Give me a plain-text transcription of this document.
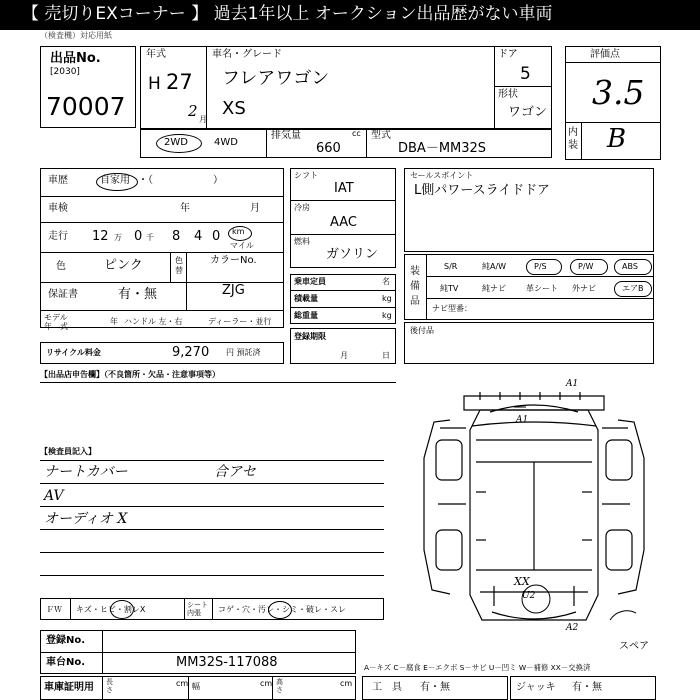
【 売切りEXコーナー 】 過去1年以上 オークション出品歴がない車両
（検査機）対応用紙
出品No.
[2030]
70007
年式
H 27
2 月
車名・グレード
フレアワゴン
XS
ドア
5
形状
ワゴン
評価点
3.5
内
装 B
2WD	4WD
排気量	cc
660
型式
DBA－MM32S
車歴	自家用 ・（　　　　　　）
車検	年	月
走行 12 万 0 千 8 4 0 km
マイル
色	ピンク	色
替
カラーNo.
ZJG
保証書	有・無
モデル
年　式
年 ハンドル 左・右	ディーラー・並行
リサイクル料金	9,270 円 預託済
シフト
IAT
冷房
AAC
燃料
ガソリン
乗車定員	名
積載量	kg
総重量	kg
登録期限
月	日
セールスポイント
L側パワースライドドア
装
備
品
S/R	純A/W	P/S	P/W	ABS
純TV	純ナビ	革シート 外ナビ	エアB
ナビ型番：
後付品
【出品店申告欄】（不良箇所・欠品・注意事項等）
【検査員記入】
ナートカバー	合アセ
AV
オーディオ X
A1
A1
XX
U2
A2
スペア
ＦＷ キズ・ヒビ・割レX	シート
内張	コゲ・穴・汚レ・シミ・破レ・スレ
登録No.
車台No.	MM32S-117088
車庫証明用 長
さ
cm 幅	cm 高
さ
cm
A－キズ C－腐食 E－エクボ S－サビ U－凹ミ W－補修 XX－交換済
工　具 有・無	ジャッキ 有・無
